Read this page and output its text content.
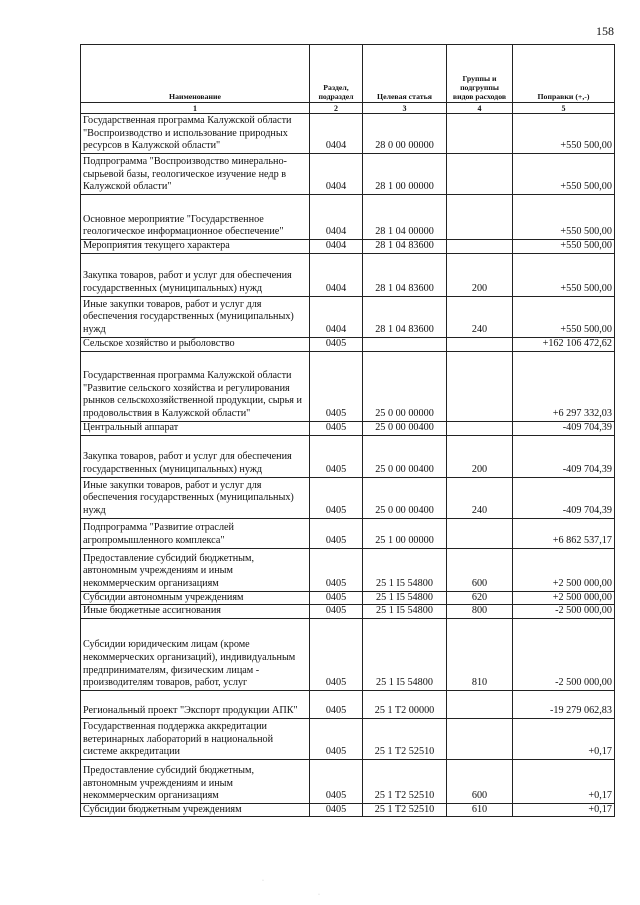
158
Наименование	Раздел, подраздел	Целевая статья	Группы и подгруппы видов расходов	Поправки (+,-)
1	2	3	4	5
Государственная программа Калужской области "Воспроизводство и использование природных ресурсов в Калужской области"	0404	28 0 00 00000		+550 500,00
Подпрограмма "Воспроизводство минерально-сырьевой базы, геологическое изучение недр в Калужской области"	0404	28 1 00 00000		+550 500,00
Основное мероприятие "Государственное геологическое информационное обеспечение"	0404	28 1 04 00000		+550 500,00
Мероприятия текущего характера	0404	28 1 04 83600		+550 500,00
Закупка товаров, работ и услуг для обеспечения государственных (муниципальных) нужд	0404	28 1 04 83600	200	+550 500,00
Иные закупки товаров, работ и услуг для обеспечения государственных (муниципальных) нужд	0404	28 1 04 83600	240	+550 500,00
Сельское хозяйство и рыболовство	0405			+162 106 472,62
Государственная программа Калужской области "Развитие сельского хозяйства и регулирования рынков сельскохозяйственной продукции, сырья и продовольствия в Калужской области"	0405	25 0 00 00000		+6 297 332,03
Центральный аппарат	0405	25 0 00 00400		-409 704,39
Закупка товаров, работ и услуг для обеспечения государственных (муниципальных) нужд	0405	25 0 00 00400	200	-409 704,39
Иные закупки товаров, работ и услуг для обеспечения государственных (муниципальных) нужд	0405	25 0 00 00400	240	-409 704,39
Подпрограмма "Развитие отраслей агропромышленного комплекса"	0405	25 1 00 00000		+6 862 537,17
Предоставление субсидий бюджетным, автономным учреждениям и иным некоммерческим организациям	0405	25 1 I5 54800	600	+2 500 000,00
Субсидии автономным учреждениям	0405	25 1 I5 54800	620	+2 500 000,00
Иные бюджетные ассигнования	0405	25 1 I5 54800	800	-2 500 000,00
Субсидии юридическим лицам (кроме некоммерческих организаций), индивидуальным предпринимателям, физическим лицам - производителям товаров, работ, услуг	0405	25 1 I5 54800	810	-2 500 000,00
Региональный проект "Экспорт продукции АПК"	0405	25 1 T2 00000		-19 279 062,83
Государственная поддержка аккредитации ветеринарных лабораторий в национальной системе аккредитации	0405	25 1 T2 52510		+0,17
Предоставление субсидий бюджетным, автономным учреждениям и иным некоммерческим организациям	0405	25 1 T2 52510	600	+0,17
Субсидии бюджетным учреждениям	0405	25 1 T2 52510	610	+0,17
·
·
